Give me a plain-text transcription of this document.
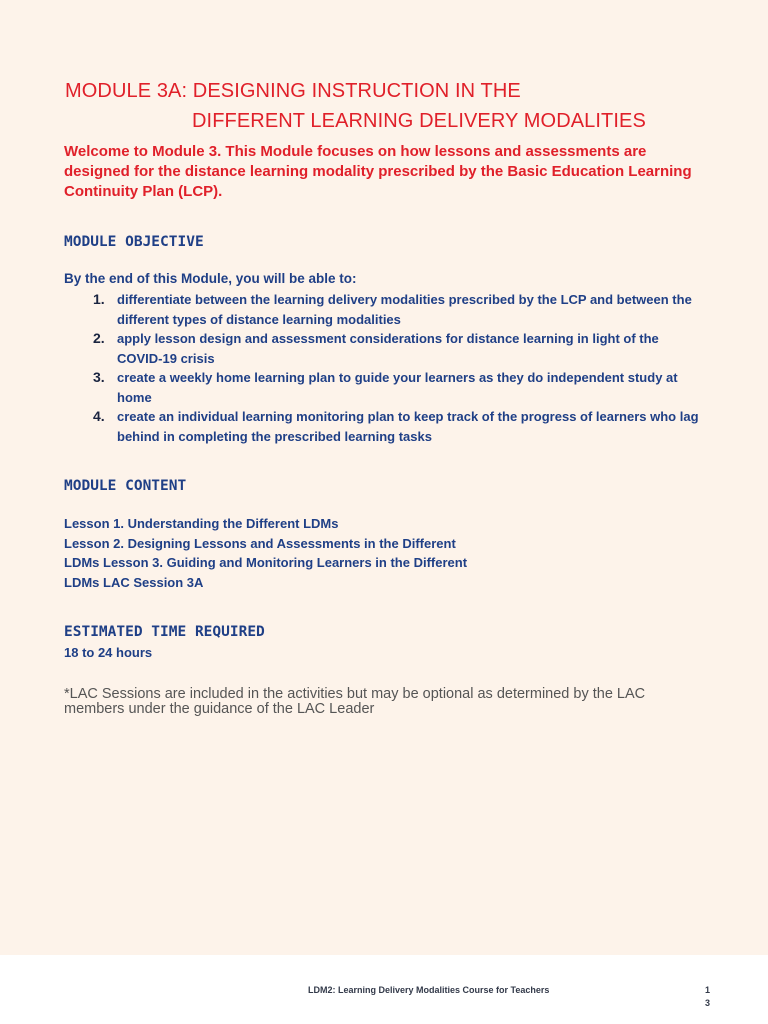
MODULE 3A: DESIGNING INSTRUCTION IN THE
DIFFERENT LEARNING DELIVERY MODALITIES

Welcome to Module 3. This Module focuses on how lessons and assessments are designed for the distance learning modality prescribed by the Basic Education Learning Continuity Plan (LCP).

MODULE OBJECTIVE

By the end of this Module, you will be able to:

1. differentiate between the learning delivery modalities prescribed by the LCP and between the different types of distance learning modalities
2. apply lesson design and assessment considerations for distance learning in light of the COVID-19 crisis
3. create a weekly home learning plan to guide your learners as they do independent study at home
4. create an individual learning monitoring plan to keep track of the progress of learners who lag behind in completing the prescribed learning tasks
MODULE CONTENT
Lesson 1. Understanding the Different LDMs
Lesson 2. Designing Lessons and Assessments in the Different
LDMs Lesson 3. Guiding and Monitoring Learners in the Different
LDMs LAC Session 3A
ESTIMATED TIME REQUIRED

18 to 24 hours

*LAC Sessions are included in the activities but may be optional as determined by the LAC members under the guidance of the LAC Leader

LDM2: Learning Delivery Modalities Course for Teachers	1
3
